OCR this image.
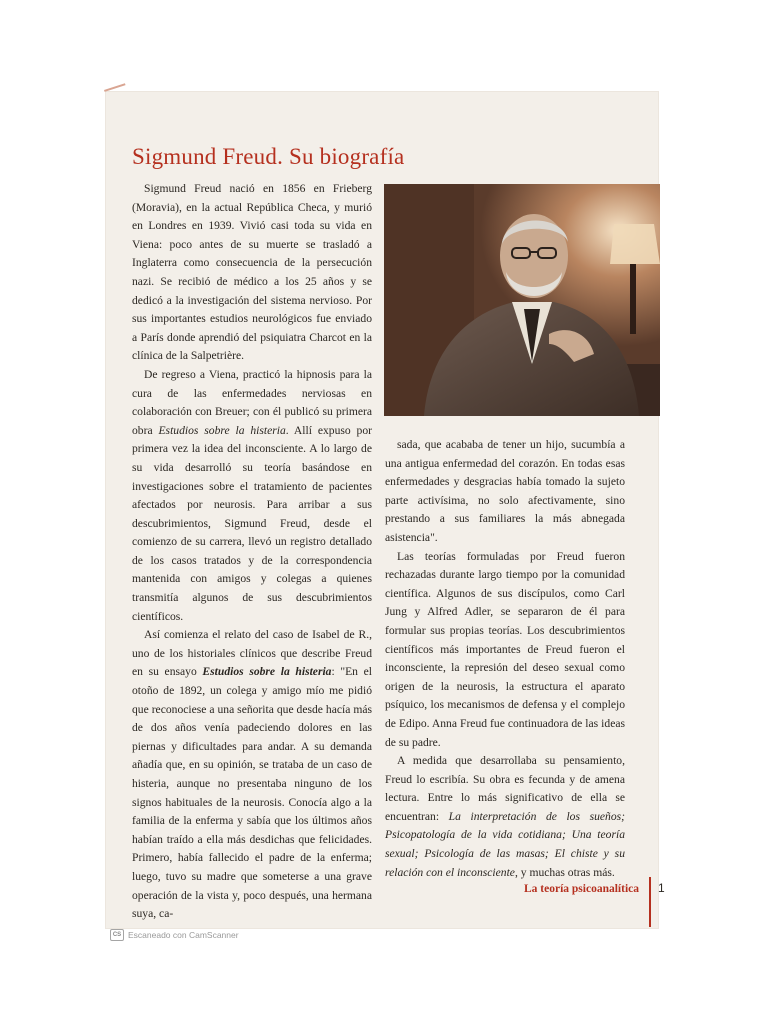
Sigmund Freud. Su biografía

Sigmund Freud nació en 1856 en Frieberg (Moravia), en la actual República Checa, y murió en Londres en 1939. Vivió casi toda su vida en Viena: poco antes de su muerte se trasladó a Inglaterra como consecuencia de la persecución nazi. Se recibió de médico a los 25 años y se dedicó a la investigación del sistema nervioso. Por sus importantes estudios neurológicos fue enviado a París donde aprendió del psiquiatra Charcot en la clínica de la Salpetrière.

De regreso a Viena, practicó la hipnosis para la cura de las enfermedades nerviosas en colaboración con Breuer; con él publicó su primera obra Estudios sobre la histeria. Allí expuso por primera vez la idea del inconsciente. A lo largo de su vida desarrolló su teoría basándose en investigaciones sobre el tratamiento de pacientes afectados por neurosis. Para arribar a sus descubrimientos, Sigmund Freud, desde el comienzo de su carrera, llevó un registro detallado de los casos tratados y de la correspondencia mantenida con amigos y colegas a quienes transmitía algunos de sus descubrimientos científicos.

Así comienza el relato del caso de Isabel de R., uno de los historiales clínicos que describe Freud en su ensayo Estudios sobre la histeria: "En el otoño de 1892, un colega y amigo mío me pidió que reconociese a una señorita que desde hacía más de dos años venía padeciendo dolores en las piernas y dificultades para andar. A su demanda añadía que, en su opinión, se trataba de un caso de histeria, aunque no presentaba ninguno de los signos habituales de la neurosis. Conocía algo a la familia de la enferma y sabía que los últimos años habían traído a ella más desdichas que felicidades. Primero, había fallecido el padre de la enferma; luego, tuvo su madre que someterse a una grave operación de la vista y, poco después, una hermana suya, ca-

sada, que acababa de tener un hijo, sucumbía a una antigua enfermedad del corazón. En todas esas enfermedades y desgracias había tomado la sujeto parte activísima, no solo afectivamente, sino prestando a sus familiares la más abnegada asistencia".

Las teorías formuladas por Freud fueron rechazadas durante largo tiempo por la comunidad científica. Algunos de sus discípulos, como Carl Jung y Alfred Adler, se separaron de él para formular sus propias teorías. Los descubrimientos científicos más importantes de Freud fueron el inconsciente, la represión del deseo sexual como origen de la neurosis, la estructura el aparato psíquico, los mecanismos de defensa y el complejo de Edipo. Anna Freud fue continuadora de las ideas de su padre.

A medida que desarrollaba su pensamiento, Freud lo escribía. Su obra es fecunda y de amena lectura. Entre lo más significativo de ella se encuentran: La interpretación de los sueños; Psicopatología de la vida cotidiana; Una teoría sexual; Psicología de las masas; El chiste y su relación con el inconsciente, y muchas otras más.

La teoría psicoanalítica 1
CS Escaneado con CamScanner
